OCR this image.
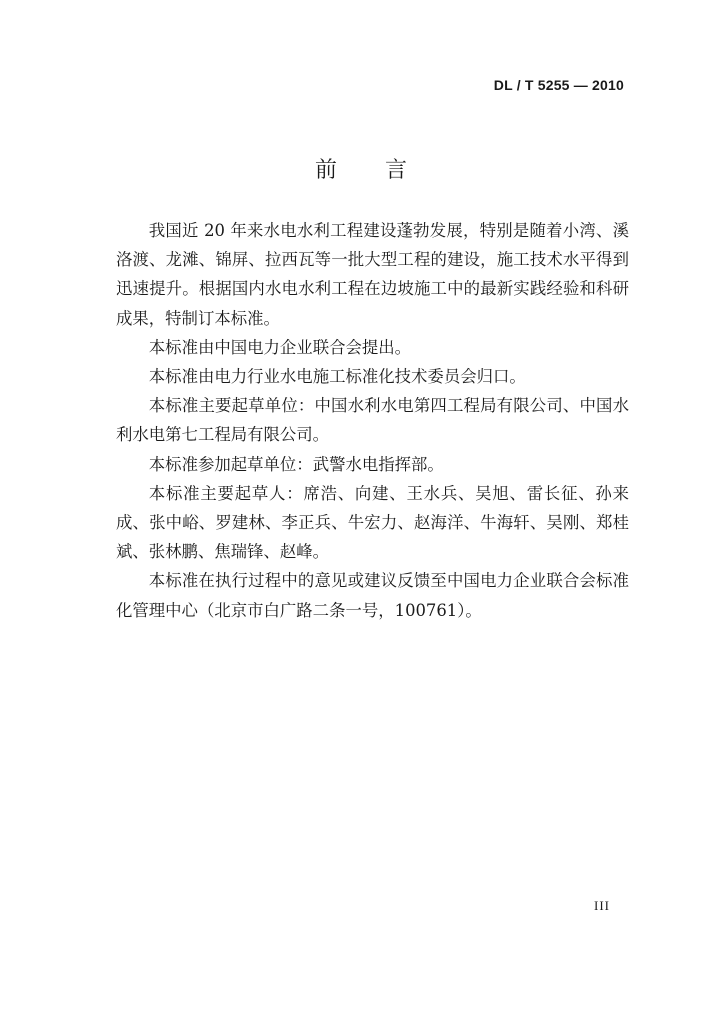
DL / T 5255 — 2010
前 言

我国近 20 年来水电水利工程建设蓬勃发展，特别是随着小湾、溪洛渡、龙滩、锦屏、拉西瓦等一批大型工程的建设，施工技术水平得到迅速提升。根据国内水电水利工程在边坡施工中的最新实践经验和科研成果，特制订本标准。

本标准由中国电力企业联合会提出。

本标准由电力行业水电施工标准化技术委员会归口。

本标准主要起草单位：中国水利水电第四工程局有限公司、中国水利水电第七工程局有限公司。

本标准参加起草单位：武警水电指挥部。

本标准主要起草人：席浩、向建、王水兵、吴旭、雷长征、孙来成、张中峪、罗建林、李正兵、牛宏力、赵海洋、牛海轩、吴刚、郑桂斌、张林鹏、焦瑞锋、赵峰。

本标准在执行过程中的意见或建议反馈至中国电力企业联合会标准化管理中心（北京市白广路二条一号，100761）。

III
